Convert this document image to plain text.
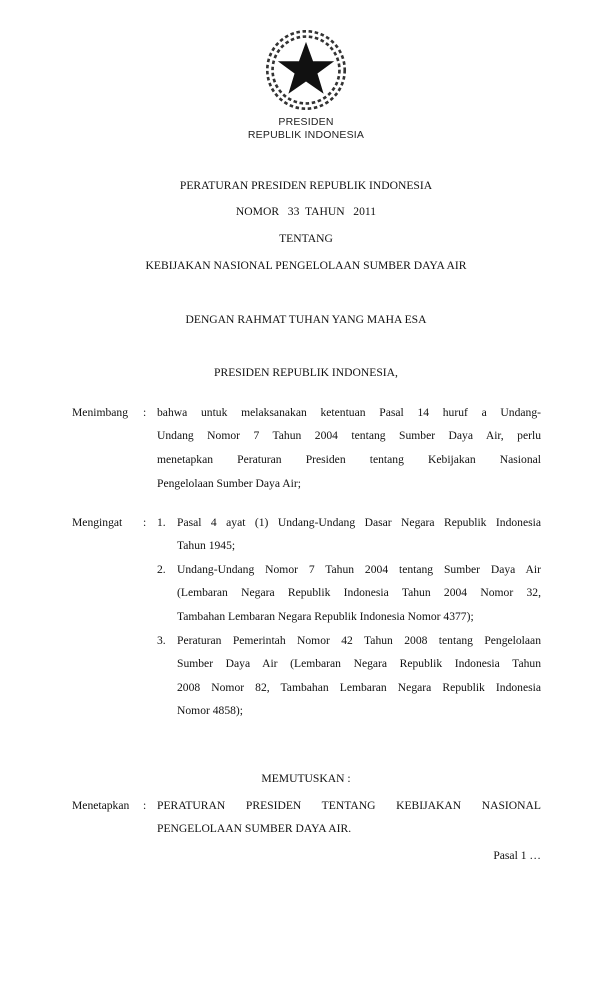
PRESIDEN
REPUBLIK INDONESIA
PERATURAN PRESIDEN REPUBLIK INDONESIA
NOMOR   33  TAHUN   2011
TENTANG
KEBIJAKAN NASIONAL PENGELOLAAN SUMBER DAYA AIR
DENGAN RAHMAT TUHAN YANG MAHA ESA
PRESIDEN REPUBLIK INDONESIA,
Menimbang : bahwa untuk melaksanakan ketentuan Pasal 14 huruf a Undang-
Undang Nomor 7 Tahun 2004 tentang Sumber Daya Air, perlu
menetapkan Peraturan Presiden tentang Kebijakan Nasional
Pengelolaan Sumber Daya Air;
Mengingat : 1. Pasal 4 ayat (1) Undang-Undang Dasar Negara Republik Indonesia
Tahun 1945;
2. Undang-Undang Nomor 7 Tahun 2004 tentang Sumber Daya Air
(Lembaran Negara Republik Indonesia Tahun 2004 Nomor 32,
Tambahan Lembaran Negara Republik Indonesia Nomor 4377);
3. Peraturan Pemerintah Nomor 42 Tahun 2008 tentang Pengelolaan
Sumber Daya Air (Lembaran Negara Republik Indonesia Tahun
2008 Nomor 82, Tambahan Lembaran Negara Republik Indonesia
Nomor 4858);
MEMUTUSKAN :
Menetapkan : PERATURAN PRESIDEN TENTANG KEBIJAKAN NASIONAL
PENGELOLAAN SUMBER DAYA AIR.
Pasal 1 …
